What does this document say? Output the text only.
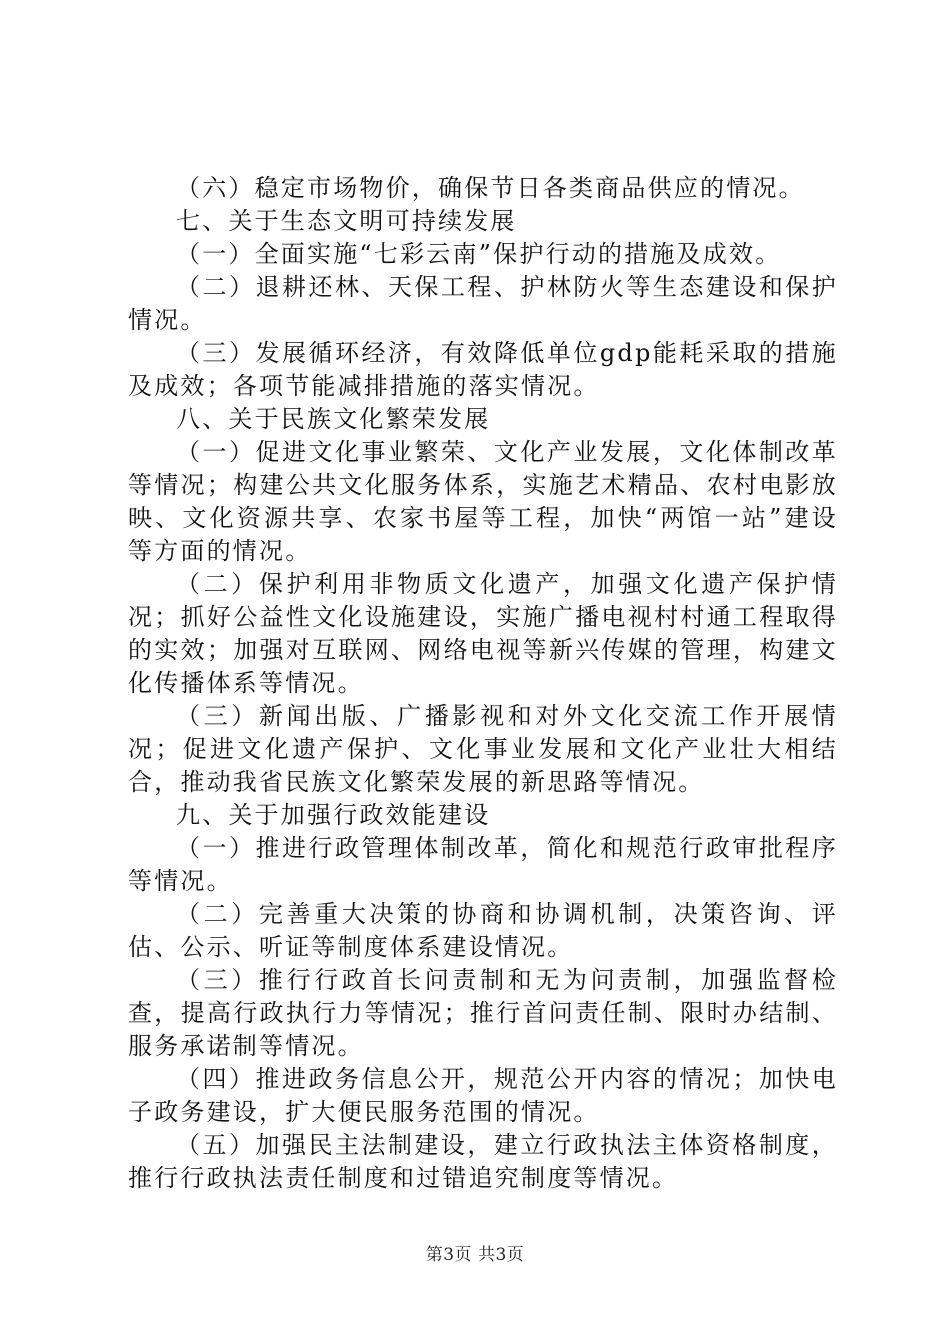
（六）稳定市场物价，确保节日各类商品供应的情况。

七、关于生态文明可持续发展

（一）全面实施“七彩云南”保护行动的措施及成效。

（二）退耕还林、天保工程、护林防火等生态建设和保护情况。

（三）发展循环经济，有效降低单位gdp能耗采取的措施及成效；各项节能减排措施的落实情况。

八、关于民族文化繁荣发展

（一）促进文化事业繁荣、文化产业发展，文化体制改革等情况；构建公共文化服务体系，实施艺术精品、农村电影放映、文化资源共享、农家书屋等工程，加快“两馆一站”建设等方面的情况。

（二）保护利用非物质文化遗产，加强文化遗产保护情况；抓好公益性文化设施建设，实施广播电视村村通工程取得的实效；加强对互联网、网络电视等新兴传媒的管理，构建文化传播体系等情况。

（三）新闻出版、广播影视和对外文化交流工作开展情况；促进文化遗产保护、文化事业发展和文化产业壮大相结合，推动我省民族文化繁荣发展的新思路等情况。

九、关于加强行政效能建设

（一）推进行政管理体制改革，简化和规范行政审批程序等情况。

（二）完善重大决策的协商和协调机制，决策咨询、评估、公示、听证等制度体系建设情况。

（三）推行行政首长问责制和无为问责制，加强监督检查，提高行政执行力等情况；推行首问责任制、限时办结制、服务承诺制等情况。

（四）推进政务信息公开，规范公开内容的情况；加快电子政务建设，扩大便民服务范围的情况。

（五）加强民主法制建设，建立行政执法主体资格制度，推行行政执法责任制度和过错追究制度等情况。

第3页 共3页
